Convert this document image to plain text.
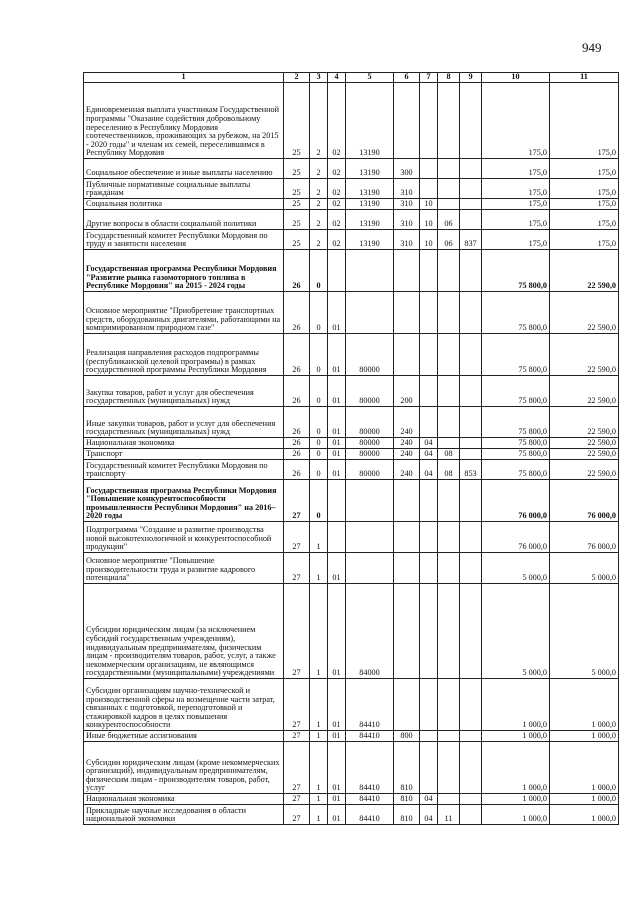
949
1	2	3	4	5	6	7	8	9	10	11
Единовременная выплата участникам Государственной программы "Оказание содействия добровольному переселению в Республику Мордовия соотечественников, проживающих за рубежом, на 2015 - 2020 годы" и членам их семей, переселившимся в Республику Мордовия	25	2	02	13190					175,0	175,0
Социальное обеспечение и иные выплаты населению	25	2	02	13190	300				175,0	175,0
Публичные нормативные социальные выплаты гражданам	25	2	02	13190	310				175,0	175,0
Социальная политика	25	2	02	13190	310	10			175,0	175,0
Другие вопросы в области социальной политики	25	2	02	13190	310	10	06		175,0	175,0
Государственный комитет Республики Мордовия по труду и занятости населения	25	2	02	13190	310	10	06	837	175,0	175,0
Государственная программа Республики Мордовия "Развитие рынка газомоторного топлива в Республике Мордовия" на 2015 - 2024 годы	26	0							75 800,0	22 590,0
Основное мероприятие "Приобретение транспортных средств, оборудованных двигателями, работающими на компримированном природном газе"	26	0	01						75 800,0	22 590,0
Реализация направления расходов подпрограммы (республиканской целевой программы) в рамках государственной программы Республики Мордовия	26	0	01	80000					75 800,0	22 590,0
Закупка товаров, работ и услуг для обеспечения государственных (муниципальных) нужд	26	0	01	80000	200				75 800,0	22 590,0
Иные закупки товаров, работ и услуг для обеспечения государственных (муниципальных) нужд	26	0	01	80000	240				75 800,0	22 590,0
Национальная экономика	26	0	01	80000	240	04			75 800,0	22 590,0
Транспорт	26	0	01	80000	240	04	08		75 800,0	22 590,0
Государственный комитет Республики Мордовия по транспорту	26	0	01	80000	240	04	08	853	75 800,0	22 590,0
Государственная программа Республики Мордовия "Повышение конкурентоспособности промышленности Республики Мордовия" на 2016–2020 годы	27	0							76 000,0	76 000,0
Подпрограмма "Создание и развитие производства новой высокотехнологичной и конкурентоспособной продукции"	27	1							76 000,0	76 000,0
Основное мероприятие "Повышение производительности труда и развитие кадрового потенциала"	27	1	01						5 000,0	5 000,0
Субсидии юридическим лицам (за исключением субсидий государственным учреждениям), индивидуальным предпринимателям, физическим лицам - производителям товаров, работ, услуг, а также некоммерческим организациям, не являющимся государственными (муниципальными) учреждениями	27	1	01	84000					5 000,0	5 000,0
Субсидии организациям научно-технической и производственной сферы на возмещение части затрат, связанных с подготовкой, переподготовкой и стажировкой кадров в целях повышения конкурентоспособности	27	1	01	84410					1 000,0	1 000,0
Иные бюджетные ассигнования	27	1	01	84410	800				1 000,0	1 000,0
Субсидии юридическим лицам (кроме некоммерческих организаций), индивидуальным предпринимателям, физическим лицам - производителям товаров, работ, услуг	27	1	01	84410	810				1 000,0	1 000,0
Национальная экономика	27	1	01	84410	810	04			1 000,0	1 000,0
Прикладные научные исследования в области национальной экономики	27	1	01	84410	810	04	11		1 000,0	1 000,0
